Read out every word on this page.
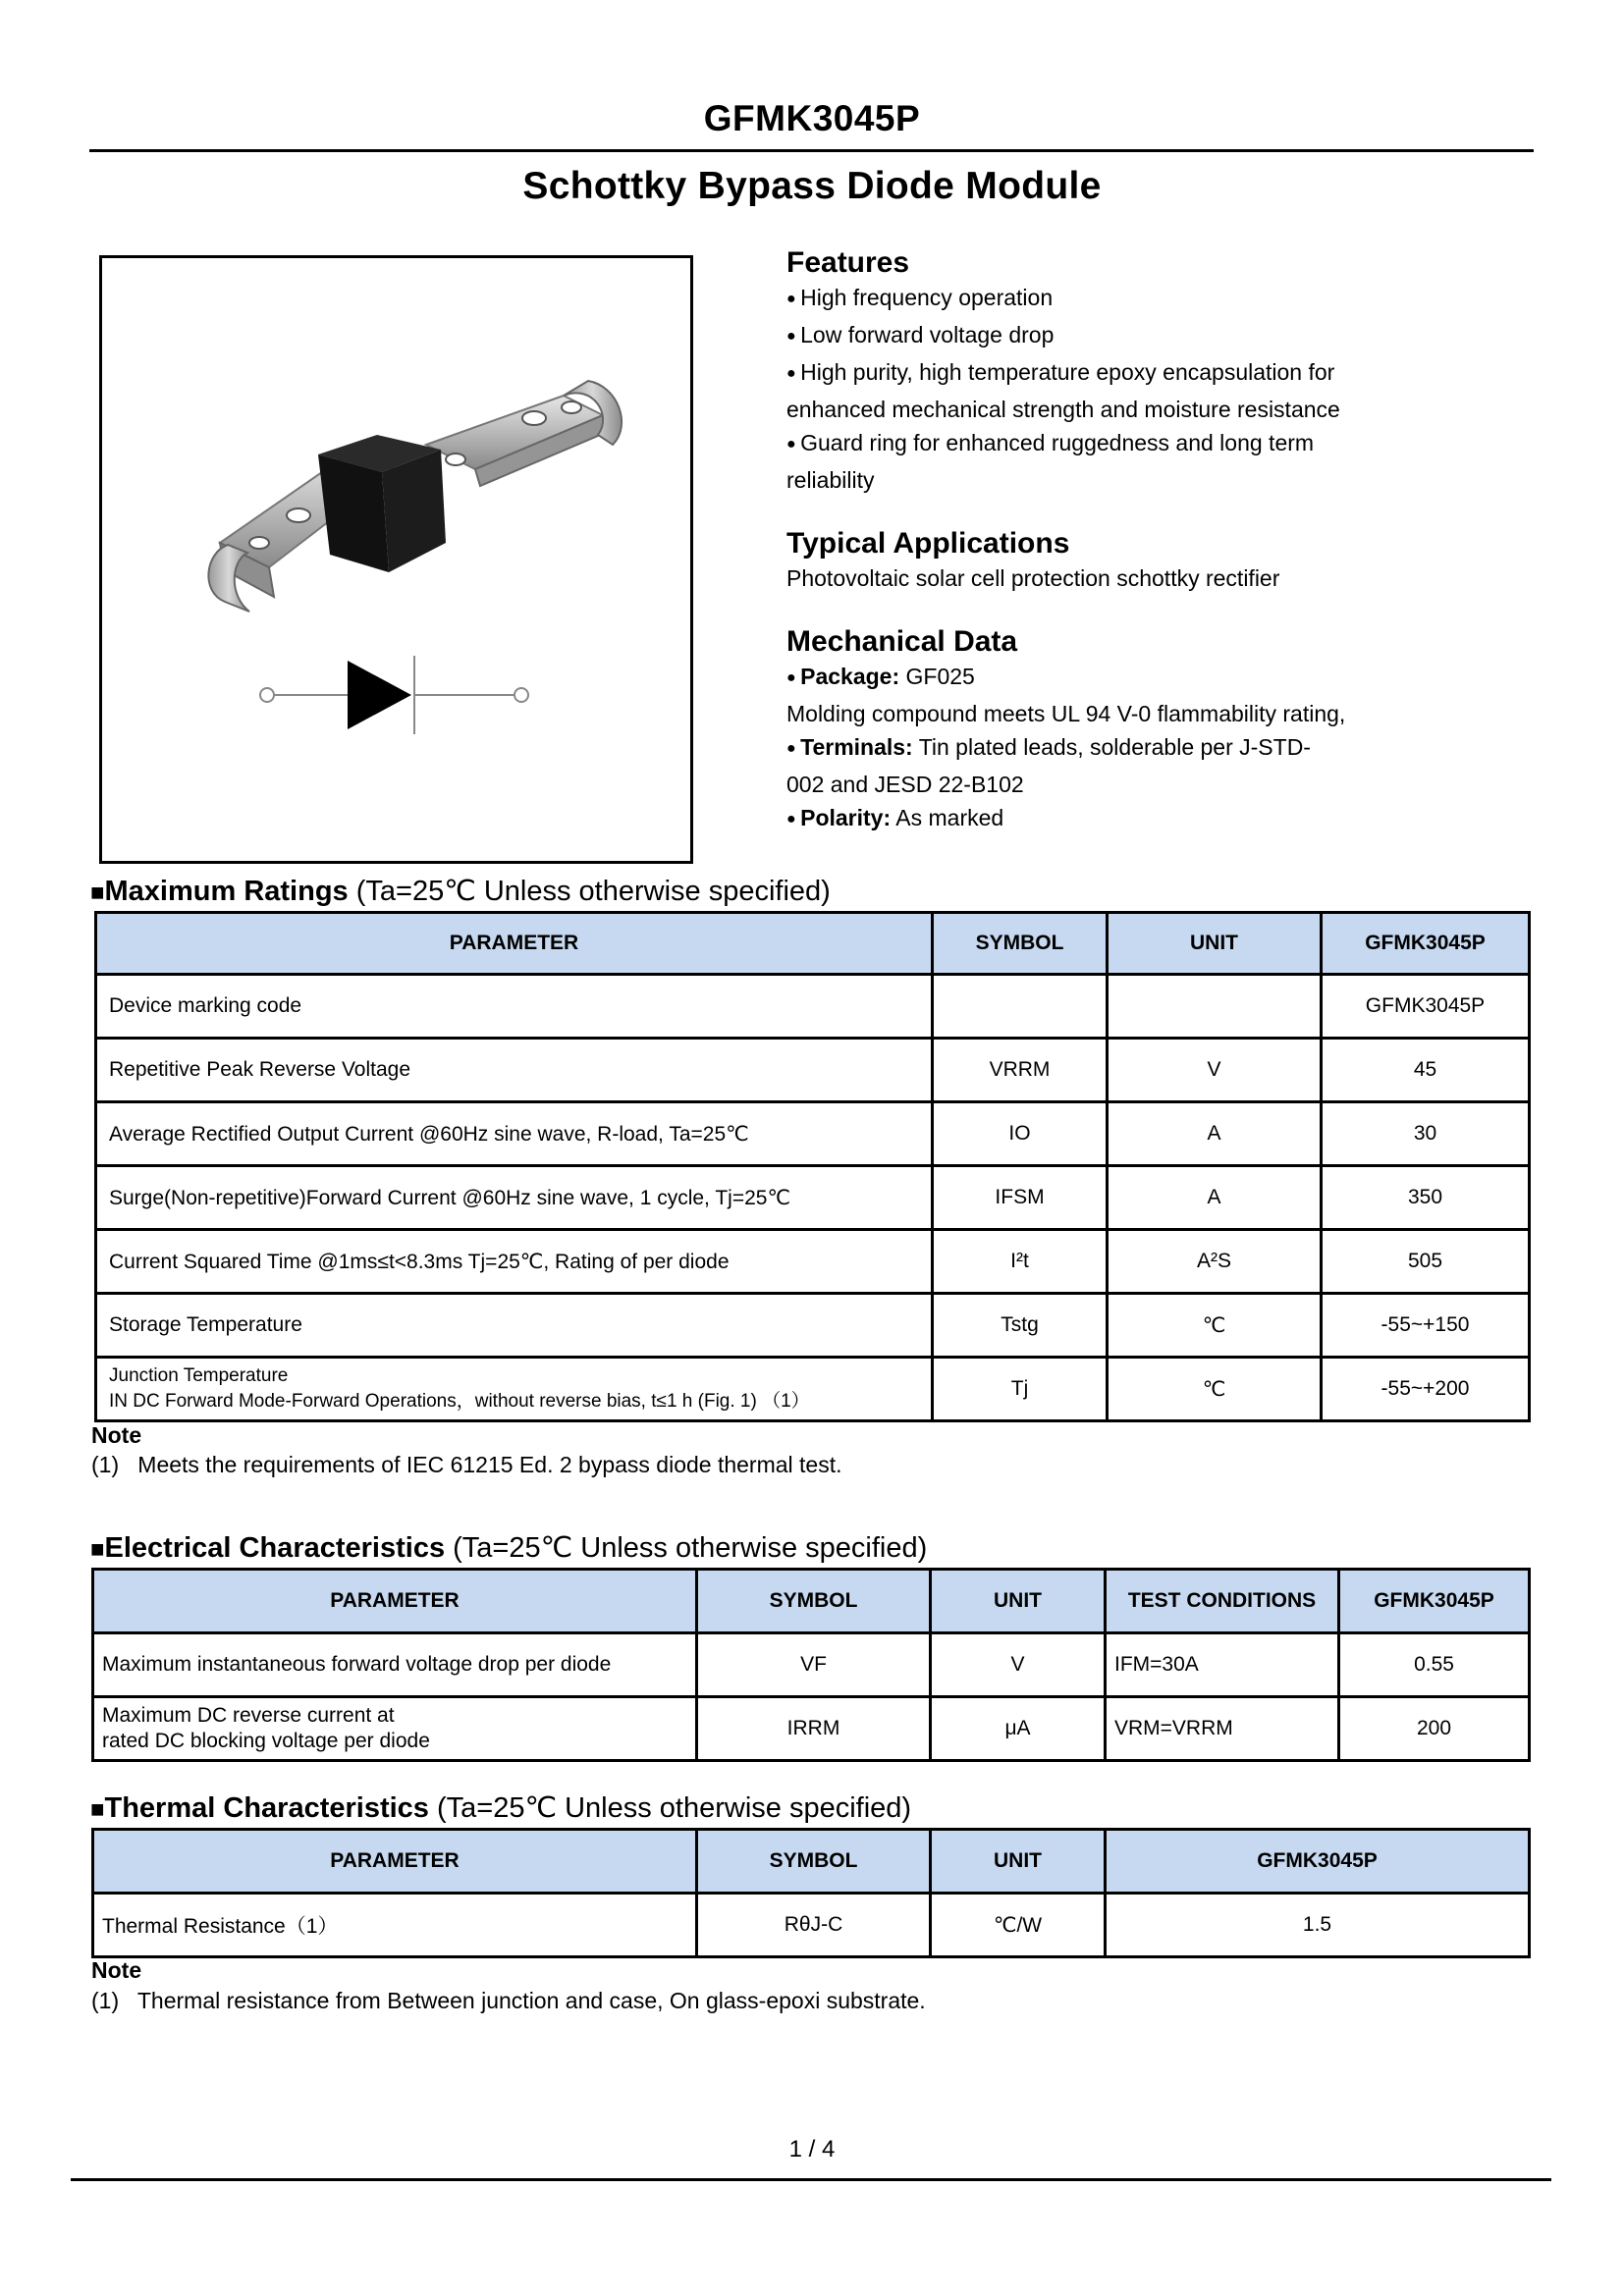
GFMK3045P
Schottky Bypass Diode Module
Features
● High frequency operation
● Low forward voltage drop
● High purity, high temperature epoxy encapsulation for
enhanced mechanical strength and moisture resistance
● Guard ring for enhanced ruggedness and long term
reliability
Typical Applications
Photovoltaic solar cell protection schottky rectifier
Mechanical Data
● Package: GF025
Molding compound meets UL 94 V-0 flammability rating,
● Terminals: Tin plated leads, solderable per J-STD-
002 and JESD 22-B102
● Polarity: As marked
■Maximum Ratings (Ta=25℃ Unless otherwise specified)
PARAMETER	SYMBOL	UNIT	GFMK3045P
Device marking code			GFMK3045P
Repetitive Peak Reverse Voltage	VRRM	V	45
Average Rectified Output Current @60Hz sine wave, R-load, Ta=25℃	IO	A	30
Surge(Non-repetitive)Forward Current @60Hz sine wave, 1 cycle, Tj=25℃	IFSM	A	350
Current Squared Time @1ms≤t<8.3ms Tj=25℃, Rating of per diode	I²t	A²S	505
Storage Temperature	Tstg	℃	-55~+150

Junction Temperature
IN DC Forward Mode-Forward Operations，without reverse bias, t≤1 h (Fig. 1) （1）	Tj	℃	-55~+200
Note
(1)   Meets the requirements of IEC 61215 Ed. 2 bypass diode thermal test.
■Electrical Characteristics (Ta=25℃ Unless otherwise specified)
PARAMETER	SYMBOL	UNIT	TEST CONDITIONS	GFMK3045P
Maximum instantaneous forward voltage drop per diode	VF	V	IFM=30A	0.55

Maximum DC reverse current at
rated DC blocking voltage per diode	IRRM	μA	VRM=VRRM	200
■Thermal Characteristics (Ta=25℃ Unless otherwise specified)
PARAMETER	SYMBOL	UNIT	GFMK3045P
Thermal Resistance（1）	RθJ-C	℃/W	1.5
Note
(1)   Thermal resistance from Between junction and case, On glass-epoxi substrate.
1 / 4
